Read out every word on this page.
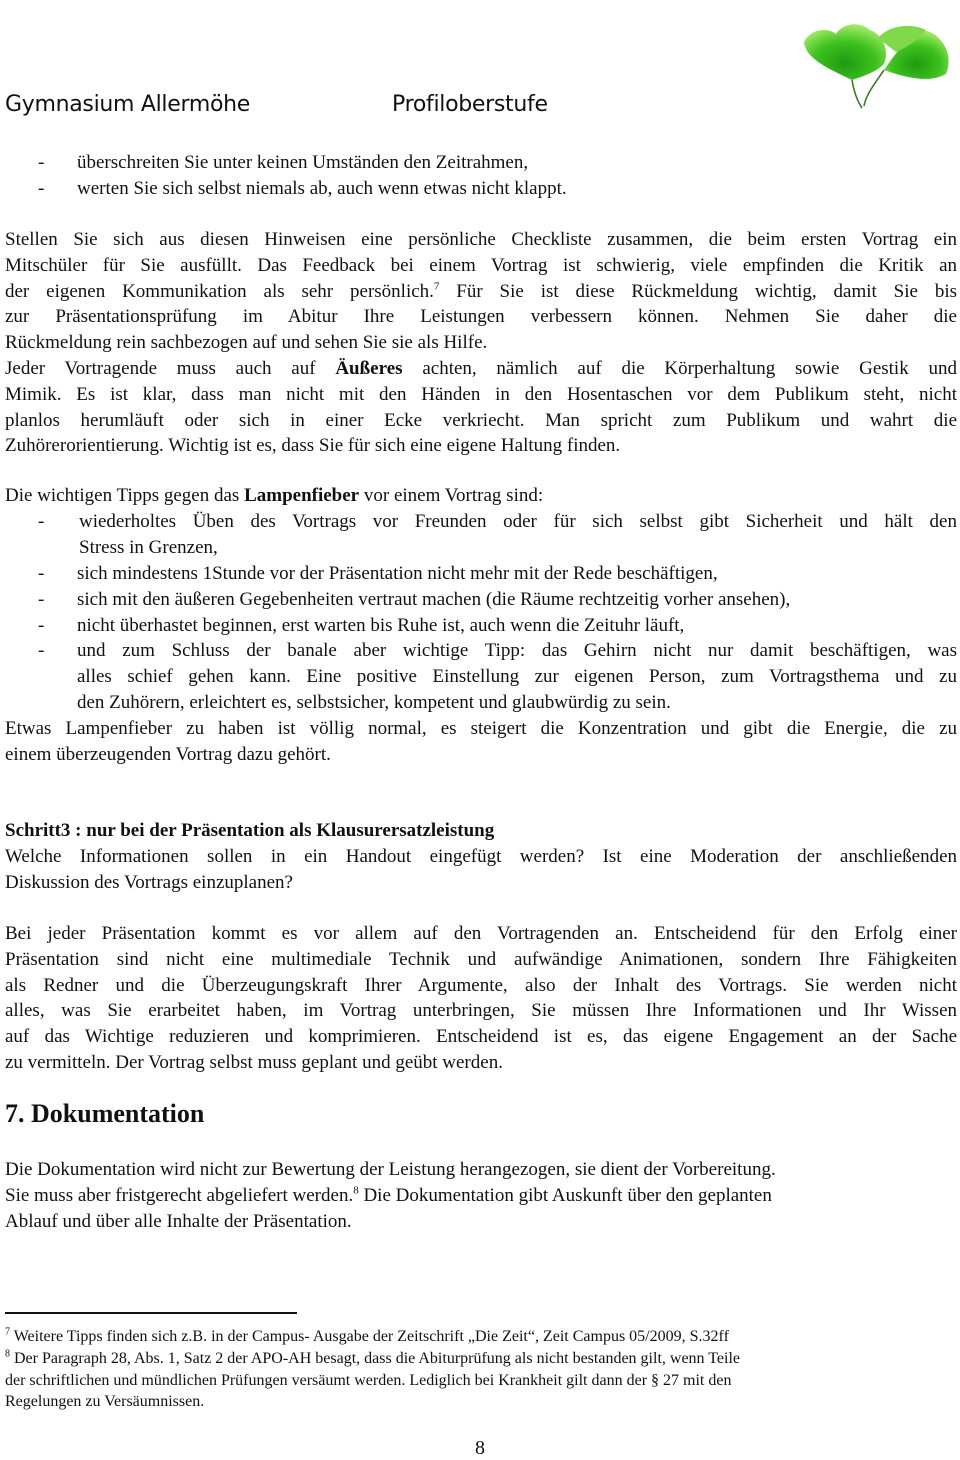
Gymnasium Allermöhe	Profiloberstufe
- überschreiten Sie unter keinen Umständen den Zeitrahmen,
- werten Sie sich selbst niemals ab, auch wenn etwas nicht klappt.
Stellen Sie sich aus diesen Hinweisen eine persönliche Checkliste zusammen, die beim ersten Vortrag ein
Mitschüler für Sie ausfüllt. Das Feedback bei einem Vortrag ist schwierig, viele empfinden die Kritik an
der eigenen Kommunikation als sehr persönlich.$^7$ Für Sie ist diese Rückmeldung wichtig, damit Sie bis
zur Präsentationsprüfung im Abitur Ihre Leistungen verbessern können. Nehmen Sie daher die
Rückmeldung rein sachbezogen auf und sehen Sie sie als Hilfe.
Jeder Vortragende muss auch auf Äußeres achten, nämlich auf die Körperhaltung sowie Gestik und
Mimik. Es ist klar, dass man nicht mit den Händen in den Hosentaschen vor dem Publikum steht, nicht
planlos herumläuft oder sich in einer Ecke verkriecht. Man spricht zum Publikum und wahrt die
Zuhörerorientierung. Wichtig ist es, dass Sie für sich eine eigene Haltung finden.
Die wichtigen Tipps gegen das Lampenfieber vor einem Vortrag sind:
- wiederholtes Üben des Vortrags vor Freunden oder für sich selbst gibt Sicherheit und hält den
Stress in Grenzen,
- sich mindestens 1Stunde vor der Präsentation nicht mehr mit der Rede beschäftigen,
- sich mit den äußeren Gegebenheiten vertraut machen (die Räume rechtzeitig vorher ansehen),
- nicht überhastet beginnen, erst warten bis Ruhe ist, auch wenn die Zeituhr läuft,
- und zum Schluss der banale aber wichtige Tipp: das Gehirn nicht nur damit beschäftigen, was
alles schief gehen kann. Eine positive Einstellung zur eigenen Person, zum Vortragsthema und zu
den Zuhörern, erleichtert es, selbstsicher, kompetent und glaubwürdig zu sein.
Etwas Lampenfieber zu haben ist völlig normal, es steigert die Konzentration und gibt die Energie, die zu
einem überzeugenden Vortrag dazu gehört.
Schritt3 : nur bei der Präsentation als Klausurersatzleistung
Welche Informationen sollen in ein Handout eingefügt werden? Ist eine Moderation der anschließenden
Diskussion des Vortrags einzuplanen?
Bei jeder Präsentation kommt es vor allem auf den Vortragenden an. Entscheidend für den Erfolg einer
Präsentation sind nicht eine multimediale Technik und aufwändige Animationen, sondern Ihre Fähigkeiten
als Redner und die Überzeugungskraft Ihrer Argumente, also der Inhalt des Vortrags. Sie werden nicht
alles, was Sie erarbeitet haben, im Vortrag unterbringen, Sie müssen Ihre Informationen und Ihr Wissen
auf das Wichtige reduzieren und komprimieren. Entscheidend ist es, das eigene Engagement an der Sache
zu vermitteln. Der Vortrag selbst muss geplant und geübt werden.
7. Dokumentation
Die Dokumentation wird nicht zur Bewertung der Leistung herangezogen, sie dient der Vorbereitung.
Sie muss aber fristgerecht abgeliefert werden.$^8$ Die Dokumentation gibt Auskunft über den geplanten
Ablauf und über alle Inhalte der Präsentation.
$^7$ Weitere Tipps finden sich z.B. in der Campus- Ausgabe der Zeitschrift „Die Zeit“, Zeit Campus 05/2009, S.32ff
$^8$ Der Paragraph 28, Abs. 1, Satz 2 der APO-AH besagt, dass die Abiturprüfung als nicht bestanden gilt, wenn Teile
der schriftlichen und mündlichen Prüfungen versäumt werden. Lediglich bei Krankheit gilt dann der § 27 mit den
Regelungen zu Versäumnissen.
8
